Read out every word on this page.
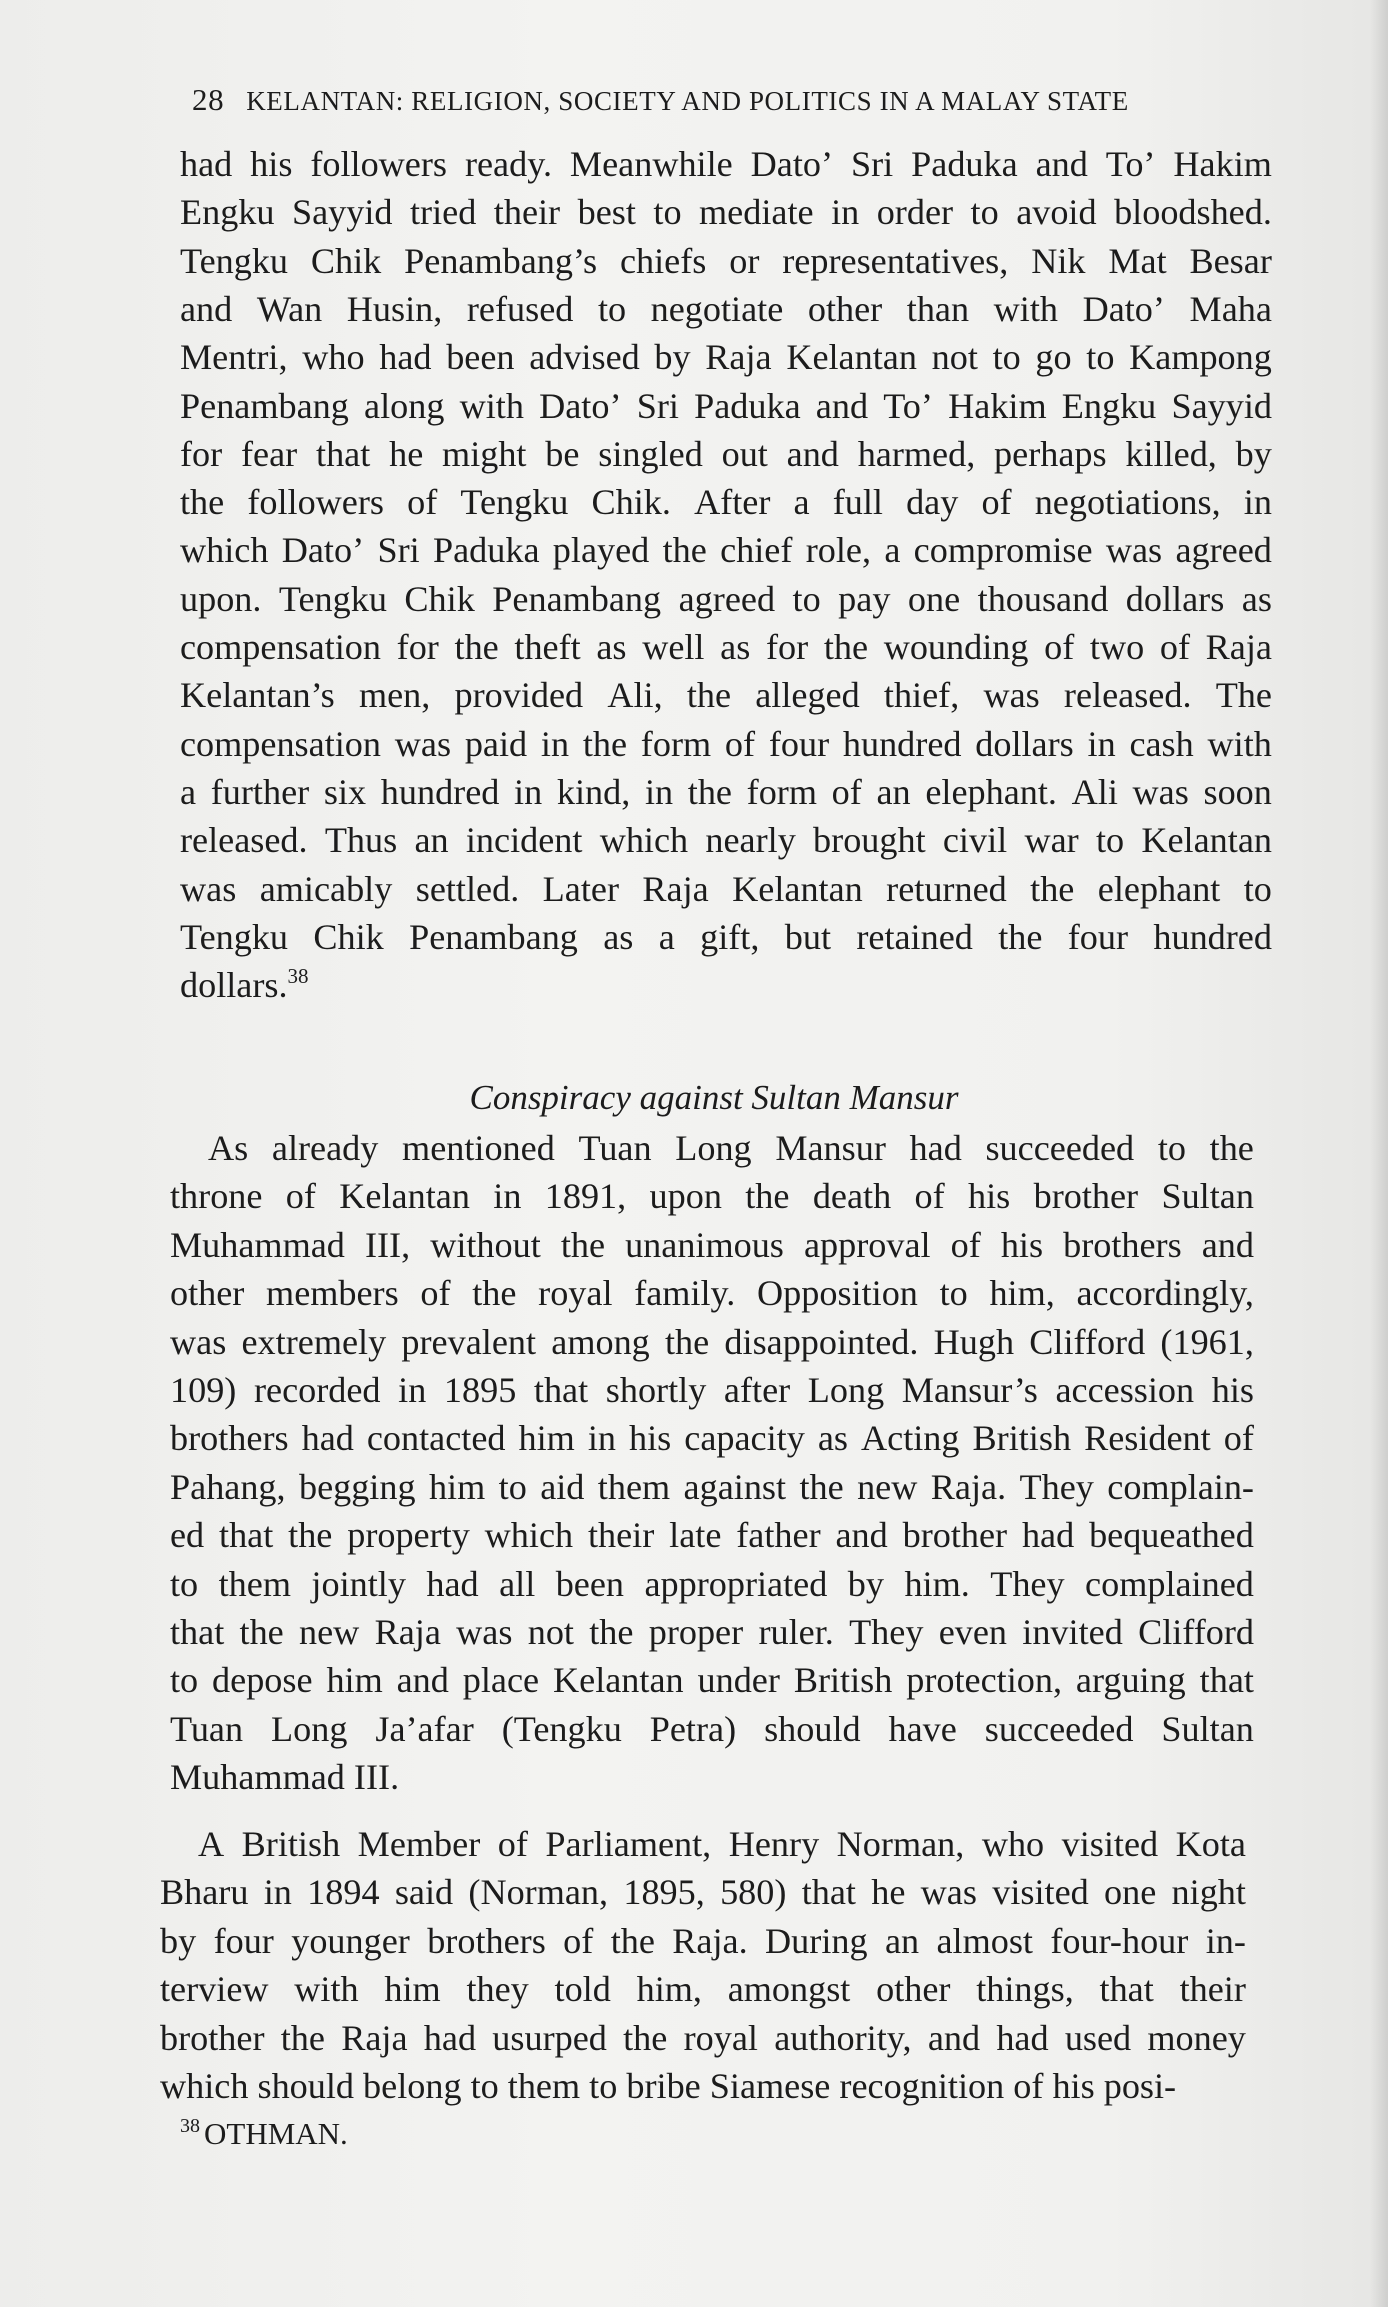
28 KELANTAN: RELIGION, SOCIETY AND POLITICS IN A MALAY STATE
had his followers ready. Meanwhile Dato’ Sri Paduka and To’ Hakim
Engku Sayyid tried their best to mediate in order to avoid bloodshed.
Tengku Chik Penambang’s chiefs or representatives, Nik Mat Besar
and Wan Husin, refused to negotiate other than with Dato’ Maha
Mentri, who had been advised by Raja Kelantan not to go to Kampong
Penambang along with Dato’ Sri Paduka and To’ Hakim Engku Sayyid
for fear that he might be singled out and harmed, perhaps killed, by
the followers of Tengku Chik. After a full day of negotiations, in
which Dato’ Sri Paduka played the chief role, a compromise was agreed
upon. Tengku Chik Penambang agreed to pay one thousand dollars as
compensation for the theft as well as for the wounding of two of Raja
Kelantan’s men, provided Ali, the alleged thief, was released. The
compensation was paid in the form of four hundred dollars in cash with
a further six hundred in kind, in the form of an elephant. Ali was soon
released. Thus an incident which nearly brought civil war to Kelantan
was amicably settled. Later Raja Kelantan returned the elephant to
Tengku Chik Penambang as a gift, but retained the four hundred
dollars.$^{38}$
As already mentioned Tuan Long Mansur had succeeded to the
throne of Kelantan in 1891, upon the death of his brother Sultan
Muhammad III, without the unanimous approval of his brothers and
other members of the royal family. Opposition to him, accordingly,
was extremely prevalent among the disappointed. Hugh Clifford (1961,
109) recorded in 1895 that shortly after Long Mansur’s accession his
brothers had contacted him in his capacity as Acting British Resident of
Pahang, begging him to aid them against the new Raja. They complain-
ed that the property which their late father and brother had bequeathed
to them jointly had all been appropriated by him. They complained
that the new Raja was not the proper ruler. They even invited Clifford
to depose him and place Kelantan under British protection, arguing that
Tuan Long Ja’afar (Tengku Petra) should have succeeded Sultan
Muhammad III.
A British Member of Parliament, Henry Norman, who visited Kota
Bharu in 1894 said (Norman, 1895, 580) that he was visited one night
by four younger brothers of the Raja. During an almost four-hour in-
terview with him they told him, amongst other things, that their
brother the Raja had usurped the royal authority, and had used money
which should belong to them to bribe Siamese recognition of his posi-
Conspiracy against Sultan Mansur
$^{38}$ OTHMAN.
